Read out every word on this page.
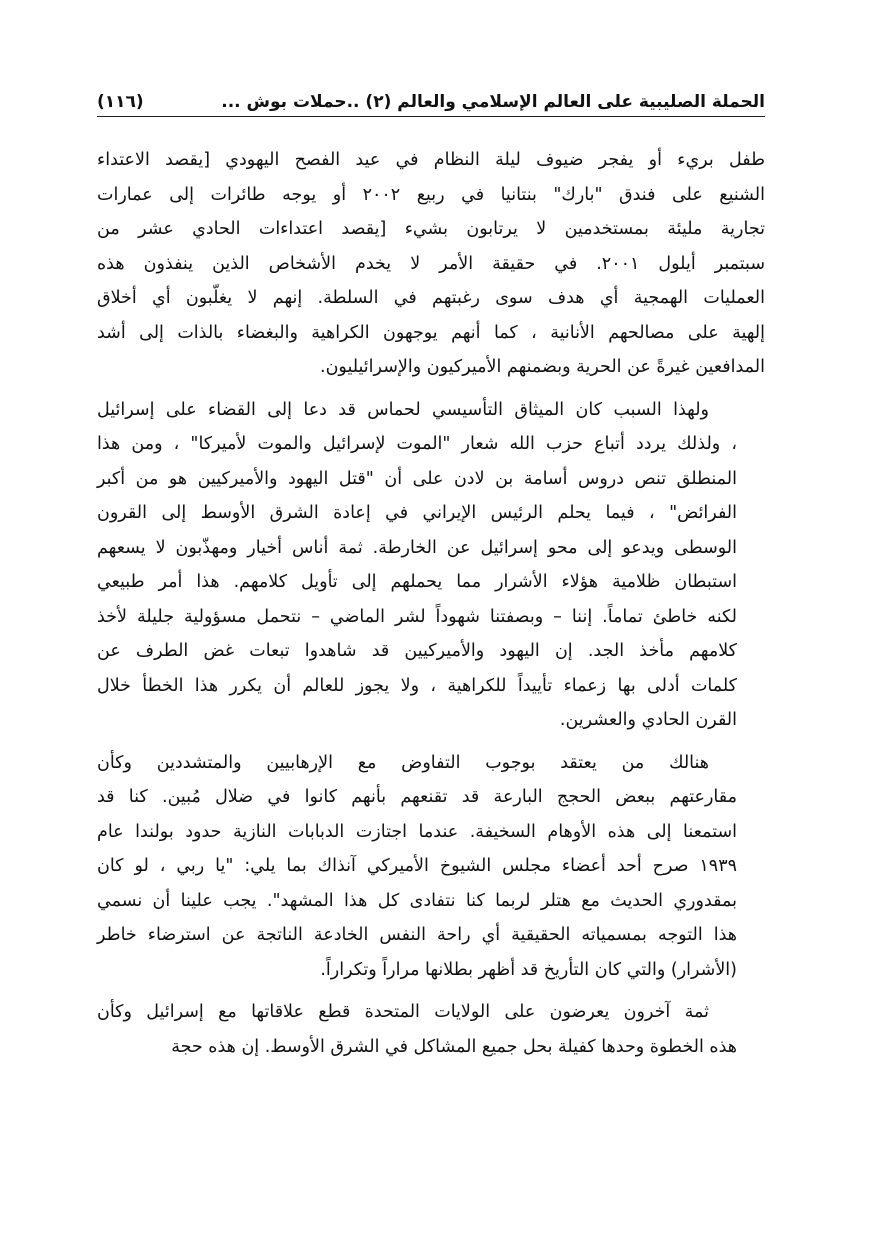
الحملة الصليبية على العالم الإسلامي والعالم (٢) ..حملات بوش ...
(١١٦)
طفل بريء أو يفجر ضيوف ليلة النظام في عيد الفصح اليهودي [يقصد الاعتداء
الشنيع على فندق "بارك" بنتانيا في ربيع ٢٠٠٢ أو يوجه طائرات إلى عمارات
تجارية مليئة بمستخدمين لا يرتابون بشيء [يقصد اعتداءات الحادي عشر من
سبتمبر أيلول ٢٠٠١. في حقيقة الأمر لا يخدم الأشخاص الذين ينفذون هذه
العمليات الهمجية أي هدف سوى رغبتهم في السلطة. إنهم لا يغلّبون أي أخلاق
إلهية على مصالحهم الأنانية ، كما أنهم يوجهون الكراهية والبغضاء بالذات إلى أشد
المدافعين غيرةً عن الحرية وبضمنهم الأميركيون والإسرائيليون.
ولهذا السبب كان الميثاق التأسيسي لحماس قد دعا إلى القضاء على إسرائيل
، ولذلك يردد أتباع حزب الله شعار "الموت لإسرائيل والموت لأميركا" ، ومن هذا
المنطلق تنص دروس أسامة بن لادن على أن "قتل اليهود والأميركيين هو من أكبر
الفرائض" ، فيما يحلم الرئيس الإيراني في إعادة الشرق الأوسط إلى القرون
الوسطى ويدعو إلى محو إسرائيل عن الخارطة. ثمة أناس أخيار ومهذّبون لا يسعهم
استبطان ظلامية هؤلاء الأشرار مما يحملهم إلى تأويل كلامهم. هذا أمر طبيعي
لكنه خاطئ تماماً. إننا – وبصفتنا شهوداً لشر الماضي – نتحمل مسؤولية جليلة لأخذ
كلامهم مأخذ الجد. إن اليهود والأميركيين قد شاهدوا تبعات غض الطرف عن
كلمات أدلى بها زعماء تأييداً للكراهية ، ولا يجوز للعالم أن يكرر هذا الخطأ خلال
القرن الحادي والعشرين.
هنالك من يعتقد بوجوب التفاوض مع الإرهابيين والمتشددين وكأن
مقارعتهم ببعض الحجج البارعة قد تقنعهم بأنهم كانوا في ضلال مُبين. كنا قد
استمعنا إلى هذه الأوهام السخيفة. عندما اجتازت الدبابات النازية حدود بولندا عام
١٩٣٩ صرح أحد أعضاء مجلس الشيوخ الأميركي آنذاك بما يلي: "يا ربي ، لو كان
بمقدوري الحديث مع هتلر لربما كنا نتفادى كل هذا المشهد". يجب علينا أن نسمي
هذا التوجه بمسمياته الحقيقية أي راحة النفس الخادعة الناتجة عن استرضاء خاطر
(الأشرار) والتي كان التأريخ قد أظهر بطلانها مراراً وتكراراً.
ثمة آخرون يعرضون على الولايات المتحدة قطع علاقاتها مع إسرائيل وكأن
هذه الخطوة وحدها كفيلة بحل جميع المشاكل في الشرق الأوسط. إن هذه حجة
